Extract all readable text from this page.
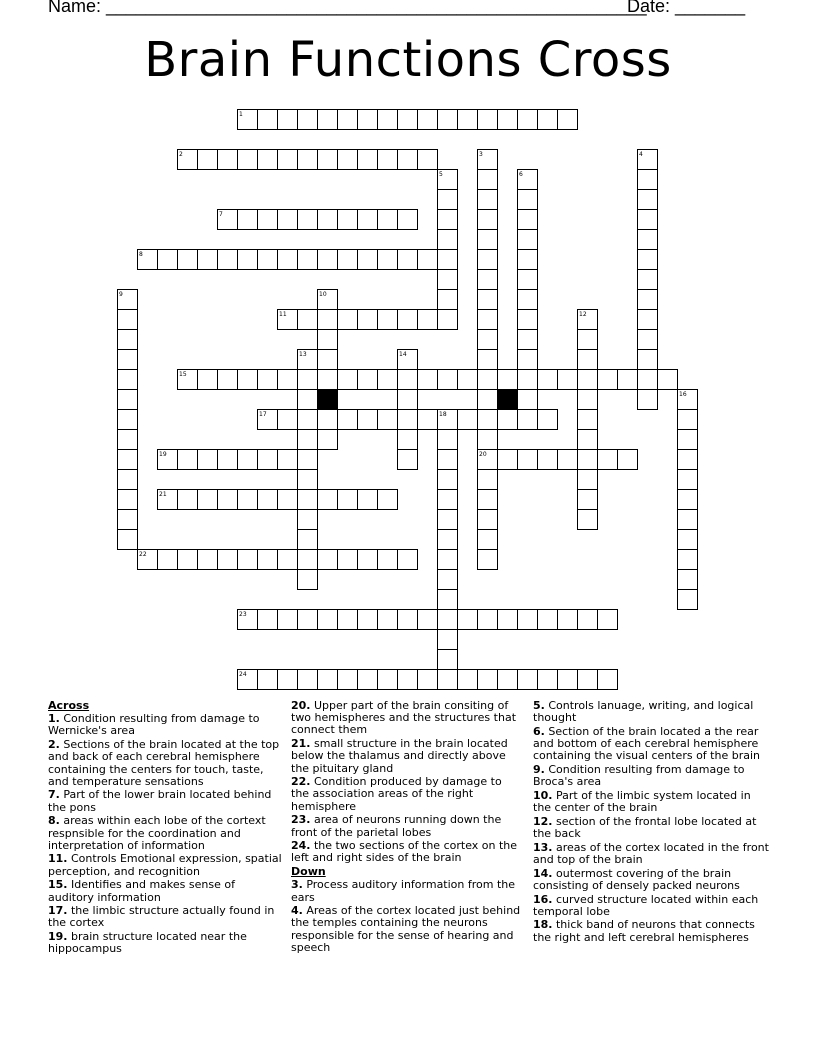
Name: ______________________________________________________
Date: _______
Brain Functions Cross
1
2	3	4
5	6
7
8
9	10
11	12
13	14
15
16
17	18
19	20
21
22
23
24
Across
1. Condition resulting from damage to Wernicke's area
2. Sections of the brain located at the top and back of each cerebral hemisphere containing the centers for touch, taste, and temperature sensations
7. Part of the lower brain located behind the pons
8. areas within each lobe of the cortext respnsible for the coordination and interpretation of information
11. Controls Emotional expression, spatial perception, and recognition
15. Identifies and makes sense of auditory information
17. the limbic structure actually found in the cortex
19. brain structure located near the hippocampus
20. Upper part of the brain consiting of two hemispheres and the structures that connect them
21. small structure in the brain located below the thalamus and directly above the pituitary gland
22. Condition produced by damage to the association areas of the right hemisphere
23. area of neurons running down the front of the parietal lobes
24. the two sections of the cortex on the left and right sides of the brain
Down
3. Process auditory information from the ears
4. Areas of the cortex located just behind the temples containing the neurons responsible for the sense of hearing and speech
5. Controls lanuage, writing, and logical thought
6. Section of the brain located a the rear and bottom of each cerebral hemisphere containing the visual centers of the brain
9. Condition resulting from damage to Broca's area
10. Part of the limbic system located in the center of the brain
12. section of the frontal lobe located at the back
13. areas of the cortex located in the front and top of the brain
14. outermost covering of the brain consisting of densely packed neurons
16. curved structure located within each temporal lobe
18. thick band of neurons that connects the right and left cerebral hemispheres
